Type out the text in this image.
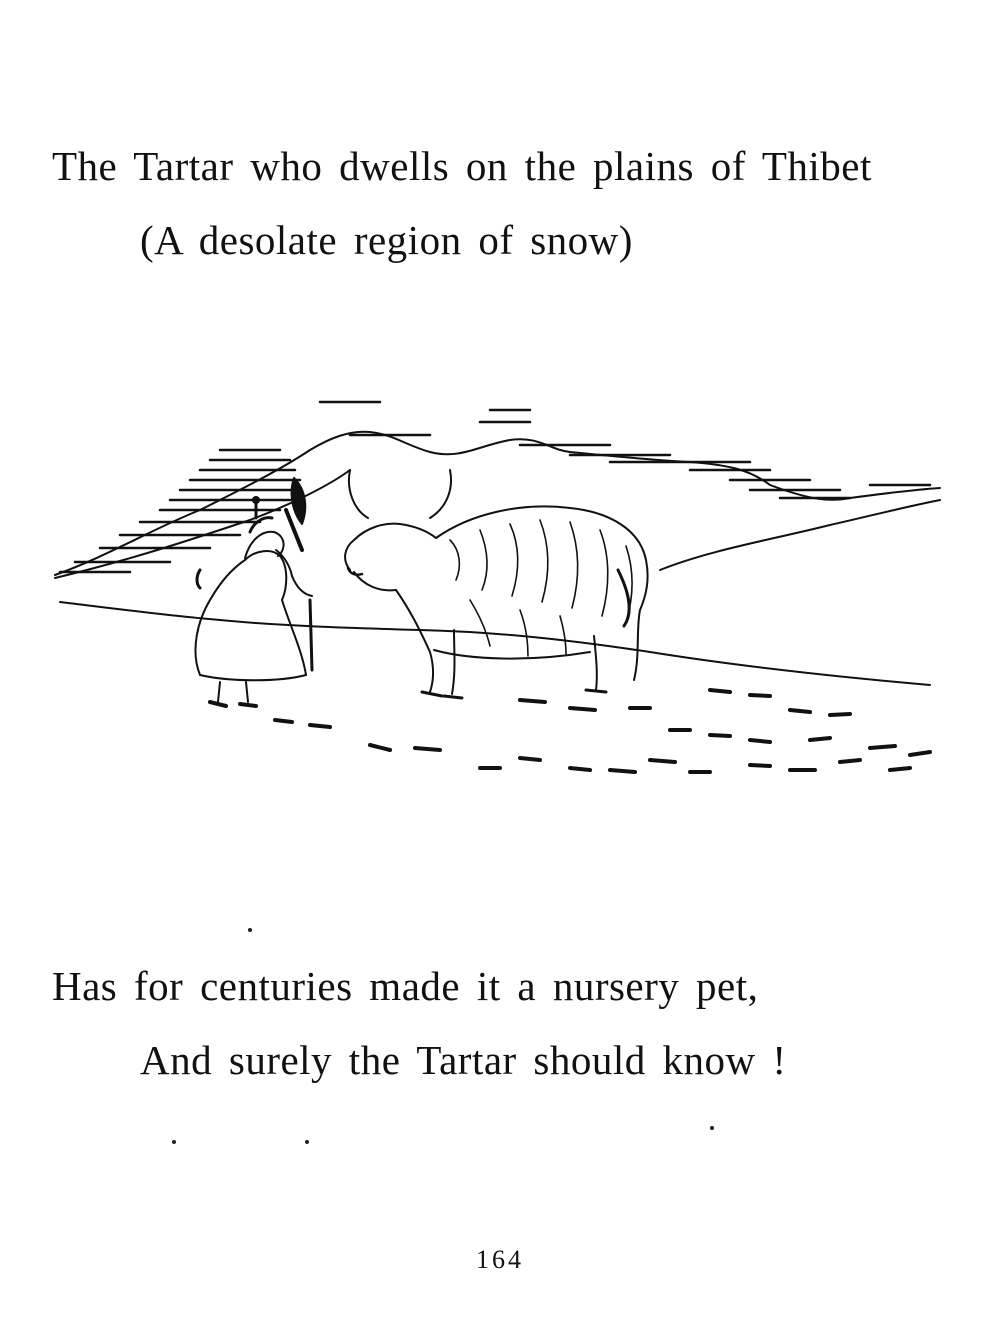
The Tartar who dwells on the plains of Thibet
(A desolate region of snow)
Has for centuries made it a nursery pet,
And surely the Tartar should know !
164
